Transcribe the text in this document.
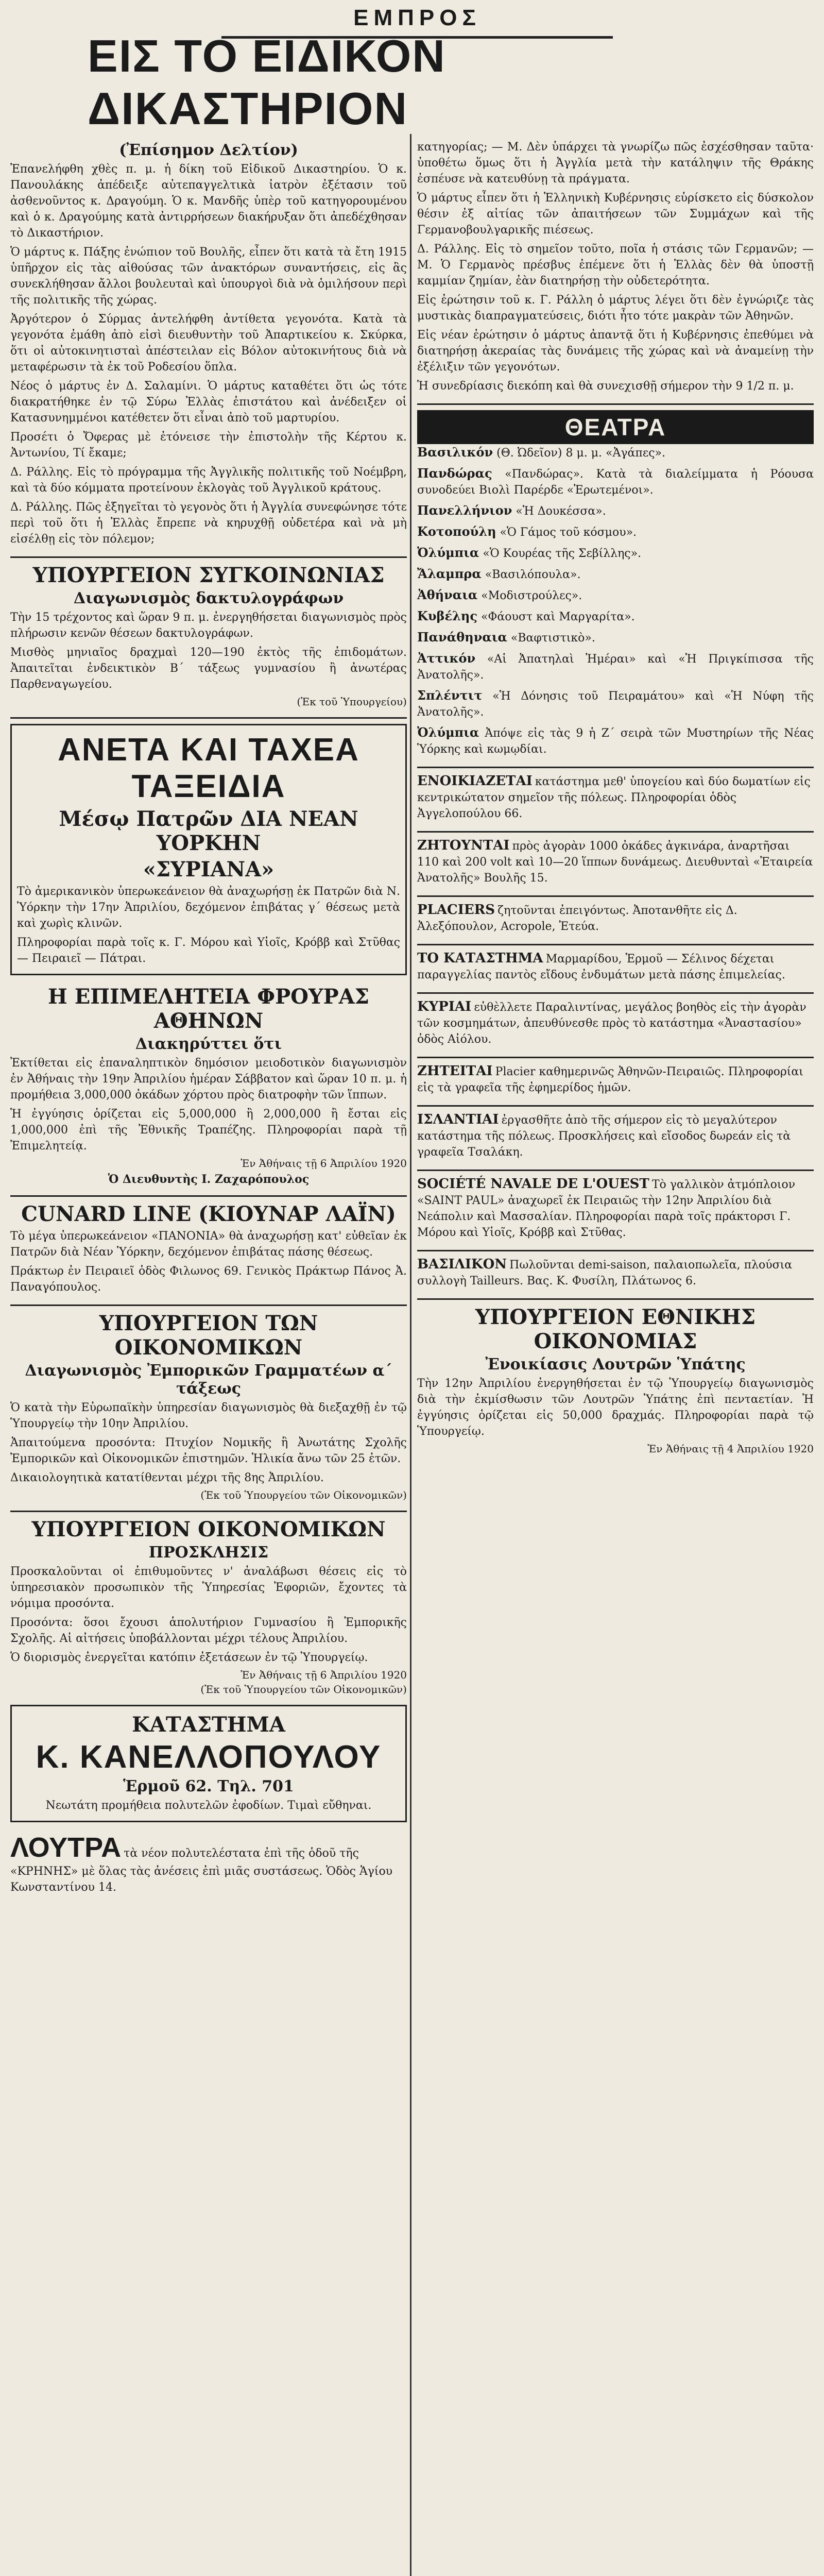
ΕΜΠΡΟΣ
ΕΙΣ ΤΟ ΕΙΔΙΚΟΝ ΔΙΚΑΣΤΗΡΙΟΝ
(Ἐπίσημον Δελτίον)

Ἐπανελήφθη χθὲς π. μ. ἡ δίκη τοῦ Εἰδικοῦ Δικαστηρίου. Ὁ κ. Πανουλάκης ἀπέδειξε αὐτεπαγγελτικὰ ἰατρὸν ἐξέτασιν τοῦ ἀσθενοῦντος κ. Δραγούμη. Ὁ κ. Μανδῆς ὑπὲρ τοῦ κατηγορουμένου καὶ ὁ κ. Δραγούμης κατὰ ἀντιρρήσεων διακήρυξαν ὅτι ἀπεδέχθησαν τὸ Δικαστήριον.

Ὁ μάρτυς κ. Πάξης ἐνώπιον τοῦ Βουλῆς, εἶπεν ὅτι κατὰ τὰ ἔτη 1915 ὑπῆρχον εἰς τὰς αἱθούσας τῶν ἀνακτόρων συναντήσεις, εἰς ἃς συνεκλήθησαν ἄλλοι βουλευταὶ καὶ ὑπουργοὶ διὰ νὰ ὁμιλήσουν περὶ τῆς πολιτικῆς τῆς χώρας.

Ἀργότερον ὁ Σύρμας ἀντελήφθη ἀντίθετα γεγονότα. Κατὰ τὰ γεγονότα ἐμάθη ἀπὸ εἰσὶ διευθυντὴν τοῦ Ἀπαρτικείου κ. Σκύρκα, ὅτι οἱ αὐτοκινητισταὶ ἀπέστειλαν εἰς Βόλον αὐτοκινήτους διὰ νὰ μεταφέρωσιν τὰ ἐκ τοῦ Ροδεσίου ὅπλα.

Νέος ὁ μάρτυς ἐν Δ. Σαλαμίνι. Ὁ μάρτυς καταθέτει ὅτι ὡς τότε διακρατήθηκε ἐν τῷ Σύρω Ἐλλὰς ἐπιστάτου καὶ ἀνέδειξεν οἱ Κατασυνημμένοι κατέθετεν ὅτι εἶναι ἀπὸ τοῦ μαρτυρίου.

Προσέτι ὁ Ὄφερας μὲ ἐτόνεισε τὴν ἐπιστολὴν τῆς Κέρτου κ. Ἀντωνίου, Τί ἔκαμε;

Δ. Ράλλης. Εἰς τὸ πρόγραμμα τῆς Ἀγγλικῆς πολιτικῆς τοῦ Νοέμβρη, καὶ τὰ δύο κόμματα προτείνουν ἐκλογὰς τοῦ Ἀγγλικοῦ κράτους.

Δ. Ράλλης. Πῶς ἐξηγεῖται τὸ γεγονὸς ὅτι ἡ Ἀγγλία συνεφώνησε τότε περὶ τοῦ ὅτι ἡ Ἑλλὰς ἔπρεπε νὰ κηρυχθῇ οὐδετέρα καὶ νὰ μὴ εἰσέλθῃ εἰς τὸν πόλεμον;

ΥΠΟΥΡΓΕΙΟΝ ΣΥΓΚΟΙΝΩΝΙΑΣ
Διαγωνισμὸς δακτυλογράφων

Τὴν 15 τρέχοντος καὶ ὥραν 9 π. μ. ἐνεργηθήσεται διαγωνισμὸς πρὸς πλήρωσιν κενῶν θέσεων δακτυλογράφων.

Μισθὸς μηνιαῖος δραχμαὶ 120—190 ἐκτὸς τῆς ἐπιδομάτων. Ἀπαιτεῖται ἐνδεικτικὸν Β΄ τάξεως γυμνασίου ἢ ἀνωτέρας Παρθεναγωγείου.

(Ἐκ τοῦ Ὑπουργείου)
ΑΝΕΤΑ ΚΑΙ ΤΑΧΕΑ ΤΑΞΕΙΔΙΑ
Μέσῳ Πατρῶν ΔΙΑ ΝΕΑΝ ΥΟΡΚΗΝ
«ΣΥΡΙΑΝΑ»

Τὸ ἀμερικανικὸν ὑπερωκεάνειον θὰ ἀναχωρήσῃ ἐκ Πατρῶν διὰ Ν. Ὑόρκην τὴν 17ην Ἀπριλίου, δεχόμενον ἐπιβάτας γ΄ θέσεως μετὰ καὶ χωρὶς κλινῶν.

Πληροφορίαι παρὰ τοῖς κ. Γ. Μόρου καὶ Υἱοῖς, Κρόββ καὶ Στῦθας — Πειραιεῖ — Πάτραι.

Η ΕΠΙΜΕΛΗΤΕΙΑ ΦΡΟΥΡΑΣ ΑΘΗΝΩΝ
Διακηρύττει ὅτι

Ἐκτίθεται εἰς ἐπαναληπτικὸν δημόσιον μειοδοτικὸν διαγωνισμὸν ἐν Ἀθήναις τὴν 19ην Ἀπριλίου ἡμέραν Σάββατον καὶ ὥραν 10 π. μ. ἡ προμήθεια 3,000,000 ὀκάδων χόρτου πρὸς διατροφὴν τῶν ἵππων.

Ἡ ἐγγύησις ὁρίζεται εἰς 5,000,000 ἢ 2,000,000 ἢ ἔσται εἰς 1,000,000 ἐπὶ τῆς Ἐθνικῆς Τραπέζης. Πληροφορίαι παρὰ τῇ Ἐπιμελητείᾳ.

Ἐν Ἀθήναις τῇ 6 Ἀπριλίου 1920
Ὁ Διευθυντὴς Ι. Ζαχαρόπουλος
CUNARD LINE (ΚΙΟΥΝΑΡ ΛΑΪΝ)

Τὸ μέγα ὑπερωκεάνειον «ΠΑΝΟΝΙΑ» θὰ ἀναχωρήσῃ κατ' εὐθεῖαν ἐκ Πατρῶν διὰ Νέαν Ὑόρκην, δεχόμενον ἐπιβάτας πάσης θέσεως.

Πράκτωρ ἐν Πειραιεῖ ὁδὸς Φιλωνος 69. Γενικὸς Πράκτωρ Πάνος Ἀ. Παναγόπουλος.

ΥΠΟΥΡΓΕΙΟΝ ΤΩΝ ΟΙΚΟΝΟΜΙΚΩΝ
Διαγωνισμὸς Ἐμπορικῶν Γραμματέων α΄ τάξεως

Ὁ κατὰ τὴν Εὐρωπαϊκὴν ὑπηρεσίαν διαγωνισμὸς θὰ διεξαχθῇ ἐν τῷ Ὑπουργείῳ τὴν 10ην Ἀπριλίου.

Ἀπαιτούμενα προσόντα: Πτυχίον Νομικῆς ἢ Ἀνωτάτης Σχολῆς Ἐμπορικῶν καὶ Οἰκονομικῶν ἐπιστημῶν. Ἡλικία ἄνω τῶν 25 ἐτῶν.

Δικαιολογητικὰ κατατίθενται μέχρι τῆς 8ης Ἀπριλίου.

(Ἐκ τοῦ Ὑπουργείου τῶν Οἰκονομικῶν)
ΥΠΟΥΡΓΕΙΟΝ ΟΙΚΟΝΟΜΙΚΩΝ
ΠΡΟΣΚΛΗΣΙΣ

Προσκαλοῦνται οἱ ἐπιθυμοῦντες ν' ἀναλάβωσι θέσεις εἰς τὸ ὑπηρεσιακὸν προσωπικὸν τῆς Ὑπηρεσίας Ἐφοριῶν, ἔχοντες τὰ νόμιμα προσόντα.

Προσόντα: ὅσοι ἔχουσι ἀπολυτήριον Γυμνασίου ἢ Ἐμπορικῆς Σχολῆς. Αἱ αἰτήσεις ὑποβάλλονται μέχρι τέλους Ἀπριλίου.

Ὁ διορισμὸς ἐνεργεῖται κατόπιν ἐξετάσεων ἐν τῷ Ὑπουργείῳ.

Ἐν Ἀθήναις τῇ 6 Ἀπριλίου 1920
(Ἐκ τοῦ Ὑπουργείου τῶν Οἰκονομικῶν)
ΚΑΤΑΣΤΗΜΑ
Κ. ΚΑΝΕΛΛΟΠΟΥΛΟΥ
Ἑρμοῦ 62. Τηλ. 701

Νεωτάτη προμήθεια πολυτελῶν ἐφοδίων. Τιμαὶ εὔθηναι.

ΛΟΥΤΡΑ τὰ νέον πολυτελέστατα ἐπὶ τῆς ὁδοῦ τῆς «ΚΡΗΝΗΣ» μὲ ὅλας τὰς ἀνέσεις ἐπὶ μιᾶς συστάσεως. Ὁδὸς Ἁγίου Κωνσταντίνου 14.

κατηγορίας; — Μ. Δὲν ὑπάρχει τὰ γνωρίζω πῶς ἐσχέσθησαν ταῦτα· ὑποθέτω ὅμως ὅτι ἡ Ἀγγλία μετὰ τὴν κατάληψιν τῆς Θράκης ἐσπέυσε νὰ κατευθύνῃ τὰ πράγματα.

Ὁ μάρτυς εἶπεν ὅτι ἡ Ἑλληνικὴ Κυβέρνησις εὑρίσκετο εἰς δύσκολον θέσιν ἐξ αἰτίας τῶν ἀπαιτήσεων τῶν Συμμάχων καὶ τῆς Γερμανοβουλγαρικῆς πιέσεως.

Δ. Ράλλης. Εἰς τὸ σημεῖον τοῦτο, ποῖα ἡ στάσις τῶν Γερμανῶν; — Μ. Ὁ Γερμανὸς πρέσβυς ἐπέμενε ὅτι ἡ Ἑλλὰς δὲν θὰ ὑποστῇ καμμίαν ζημίαν, ἐὰν διατηρήσῃ τὴν οὐδετερότητα.

Εἰς ἐρώτησιν τοῦ κ. Γ. Ράλλη ὁ μάρτυς λέγει ὅτι δὲν ἐγνώριζε τὰς μυστικὰς διαπραγματεύσεις, διότι ἦτο τότε μακρὰν τῶν Ἀθηνῶν.

Εἰς νέαν ἐρώτησιν ὁ μάρτυς ἀπαντᾷ ὅτι ἡ Κυβέρνησις ἐπεθύμει νὰ διατηρήσῃ ἀκεραίας τὰς δυνάμεις τῆς χώρας καὶ νὰ ἀναμείνῃ τὴν ἐξέλιξιν τῶν γεγονότων.

Ἡ συνεδρίασις διεκόπη καὶ θὰ συνεχισθῇ σήμερον τὴν 9 1/2 π. μ.

ΘΕΑΤΡΑ

Βασιλικόν (Θ. Ὠδεῖον) 8 μ. μ. «Ἀγάπες».

Πανδώρας «Πανδώρας». Κατὰ τὰ διαλείμματα ἡ Ρόουσα συνοδεύει Βιολὶ Παρέρδε «Ἐρωτεμένοι».

Πανελλήνιον «Ἡ Δουκέσσα».

Κοτοπούλη «Ὁ Γάμος τοῦ κόσμου».

Ὀλύμπια «Ὁ Κουρέας τῆς Σεβίλλης».

Ἄλαμπρα «Βασιλόπουλα».

Ἀθήναια «Μοδιστρούλες».

Κυβέλης «Φάουστ καὶ Μαργαρίτα».

Πανάθηναια «Βαφτιστικὸ».

Ἀττικόν «Αἱ Ἀπατηλαὶ Ἡμέραι» καὶ «Ἡ Πριγκίπισσα τῆς Ἀνατολῆς».

Σπλέντιτ «Ἡ Δόνησις τοῦ Πειραμάτου» καὶ «Ἡ Νύφη τῆς Ἀνατολῆς».

Ὀλύμπια Ἀπόψε εἰς τὰς 9 ἡ Ζ΄ σειρὰ τῶν Μυστηρίων τῆς Νέας Ὑόρκης καὶ κωμῳδίαι.

ΕΝΟΙΚΙΑΖΕΤΑΙ κατάστημα μεθ' ὑπογείου καὶ δύο δωματίων εἰς κεντρικώτατον σημεῖον τῆς πόλεως. Πληροφορίαι ὁδὸς Ἀγγελοπούλου 66.
ΖΗΤΟΥΝΤΑΙ πρὸς ἀγορὰν 1000 ὀκάδες ἀγκινάρα, ἀναρτῆσαι 110 καὶ 200 volt καὶ 10—20 ἵππων δυνάμεως. Διευθυνταὶ «Ἐταιρεία Ἀνατολῆς» Βουλῆς 15.
PLACIERS ζητοῦνται ἐπειγόντως. Ἀποτανθῆτε εἰς Δ. Ἀλεξόπουλον, Acropole, Ἐτεύα.
ΤΟ ΚΑΤΑΣΤΗΜΑ Μαρμαρίδου, Ἑρμοῦ — Σέλινος δέχεται παραγγελίας παντὸς εἴδους ἐνδυμάτων μετὰ πάσης ἐπιμελείας.
ΚΥΡΙΑΙ εὐθὲλλετε Παραλιντίνας, μεγάλος βοηθὸς εἰς τὴν ἀγορὰν τῶν κοσμημάτων, ἀπευθύνεσθε πρὸς τὸ κατάστημα «Ἀναστασίου» ὁδὸς Αἰόλου.
ΖΗΤΕΙΤΑΙ Placier καθημερινῶς Ἀθηνῶν-Πειραιῶς. Πληροφορίαι εἰς τὰ γραφεῖα τῆς ἐφημερίδος ἡμῶν.
ΙΣΛΑΝΤΙΑΙ ἐργασθῆτε ἀπὸ τῆς σήμερον εἰς τὸ μεγαλύτερον κατάστημα τῆς πόλεως. Προσκλήσεις καὶ εἴσοδος δωρεάν εἰς τὰ γραφεῖα Τσαλάκη.
SOCIÉTÉ NAVALE DE L'OUEST Τὸ γαλλικὸν ἀτμόπλοιον «SAINT PAUL» ἀναχωρεῖ ἐκ Πειραιῶς τὴν 12ην Ἀπριλίου διὰ Νεάπολιν καὶ Μασσαλίαν. Πληροφορίαι παρὰ τοῖς πράκτορσι Γ. Μόρου καὶ Υἱοῖς, Κρόββ καὶ Στῦθας.
ΒΑΣΙΛΙΚΟΝ Πωλοῦνται demi-saison, παλαιοπωλεῖα, πλούσια συλλογὴ Tailleurs. Βας. Κ. Φυσίλη, Πλάτωνος 6.
ΥΠΟΥΡΓΕΙΟΝ ΕΘΝΙΚΗΣ ΟΙΚΟΝΟΜΙΑΣ
Ἐνοικίασις Λουτρῶν Ὑπάτης

Τὴν 12ην Ἀπριλίου ἐνεργηθήσεται ἐν τῷ Ὑπουργείῳ διαγωνισμὸς διὰ τὴν ἐκμίσθωσιν τῶν Λουτρῶν Ὑπάτης ἐπὶ πενταετίαν. Ἡ ἐγγύησις ὁρίζεται εἰς 50,000 δραχμάς. Πληροφορίαι παρὰ τῷ Ὑπουργείῳ.

Ἐν Ἀθήναις τῇ 4 Ἀπριλίου 1920
